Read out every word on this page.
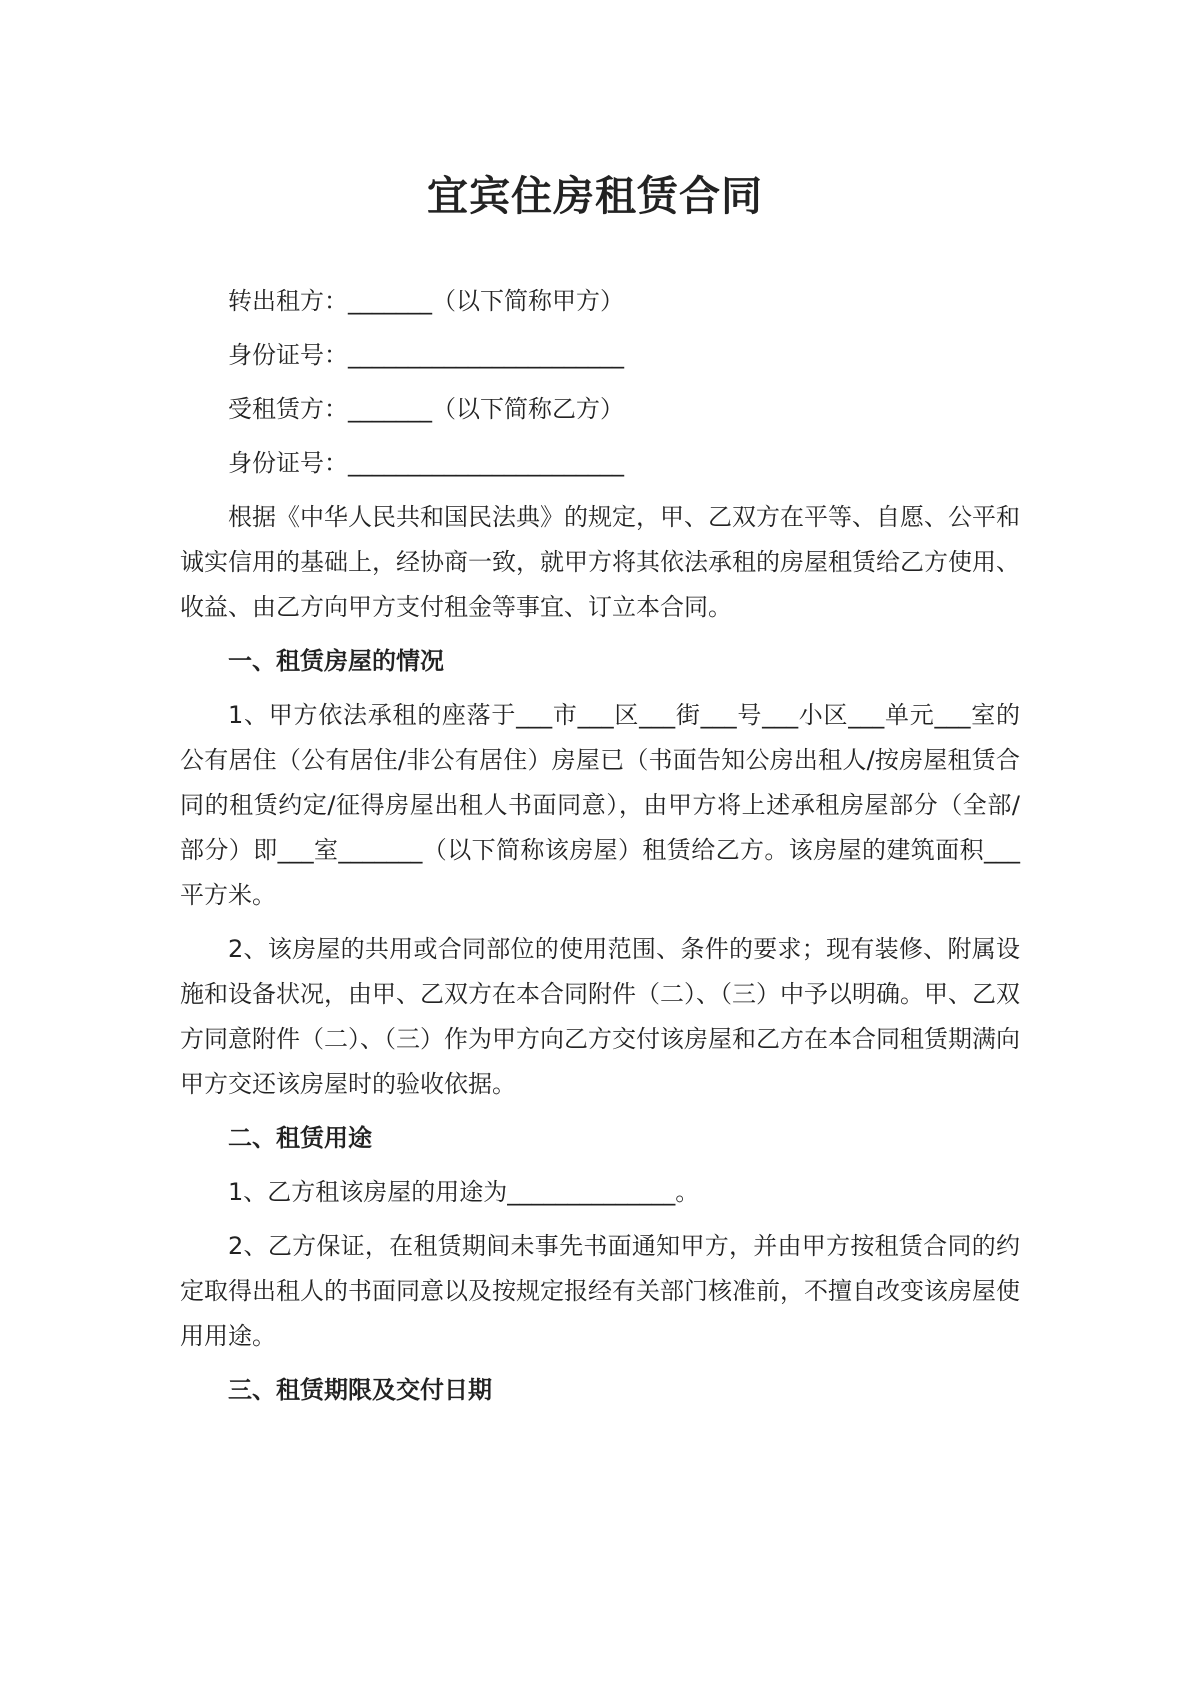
宜宾住房租赁合同
转出租方：_______（以下简称甲方）
身份证号：_______________________
受租赁方：_______（以下简称乙方）
身份证号：_______________________

根据《中华人民共和国民法典》的规定，甲、乙双方在平等、自愿、公平和诚实信用的基础上，经协商一致，就甲方将其依法承租的房屋租赁给乙方使用、收益、由乙方向甲方支付租金等事宜、订立本合同。

一、租赁房屋的情况

1、甲方依法承租的座落于___市___区___街___号___小区___单元___室的公有居住（公有居住/非公有居住）房屋已（书面告知公房出租人/按房屋租赁合同的租赁约定/征得房屋出租人书面同意），由甲方将上述承租房屋部分（全部/部分）即___室_______（以下简称该房屋）租赁给乙方。该房屋的建筑面积___平方米。

2、该房屋的共用或合同部位的使用范围、条件的要求；现有装修、附属设施和设备状况，由甲、乙双方在本合同附件（二）、（三）中予以明确。甲、乙双方同意附件（二）、（三）作为甲方向乙方交付该房屋和乙方在本合同租赁期满向甲方交还该房屋时的验收依据。

二、租赁用途

1、乙方租该房屋的用途为______________。

2、乙方保证，在租赁期间未事先书面通知甲方，并由甲方按租赁合同的约定取得出租人的书面同意以及按规定报经有关部门核准前，不擅自改变该房屋使用用途。

三、租赁期限及交付日期
